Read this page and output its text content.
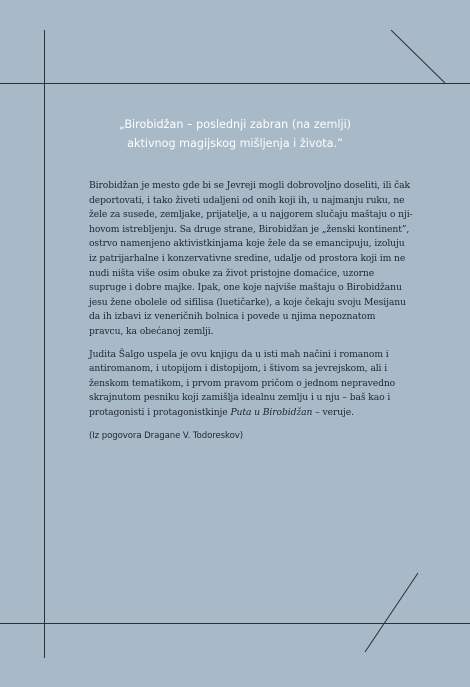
„Birobidžan – poslednji zabran (na zemlji)
aktivnog magijskog mišljenja i života.”

Birobidžan je mesto gde bi se Jevreji mogli dobrovoljno doseliti, ili čak
deportovati, i tako živeti udaljeni od onih koji ih, u najmanju ruku, ne
žele za susede, zemljake, prijatelje, a u najgorem slučaju maštaju o nji-
hovom istrebljenju. Sa druge strane, Birobidžan je „ženski kontinent”,
ostrvo namenjeno aktivistkinjama koje žele da se emancipuju, izoluju
iz patrijarhalne i konzervativne sredine, udalje od prostora koji im ne
nudi ništa više osim obuke za život pristojne domaćice, uzorne
supruge i dobre majke. Ipak, one koje najviše maštaju o Birobidžanu
jesu žene obolele od sifilisa (luetičarke), a koje čekaju svoju Mesijanu
da ih izbavi iz veneričnih bolnica i povede u njima nepoznatom
pravcu, ka obećanoj zemlji.

Judita Šalgo uspela je ovu knjigu da u isti mah načini i romanom i
antiromanom, i utopijom i distopijom, i štivom sa jevrejskom, ali i
ženskom tematikom, i prvom pravom pričom o jednom nepravedno
skrajnutom pesniku koji zamišlja idealnu zemlju i u nju – baš kao i
protagonisti i protagonistkinje Puta u Birobidžan – veruje.

(Iz pogovora Dragane V. Todoreskov)
